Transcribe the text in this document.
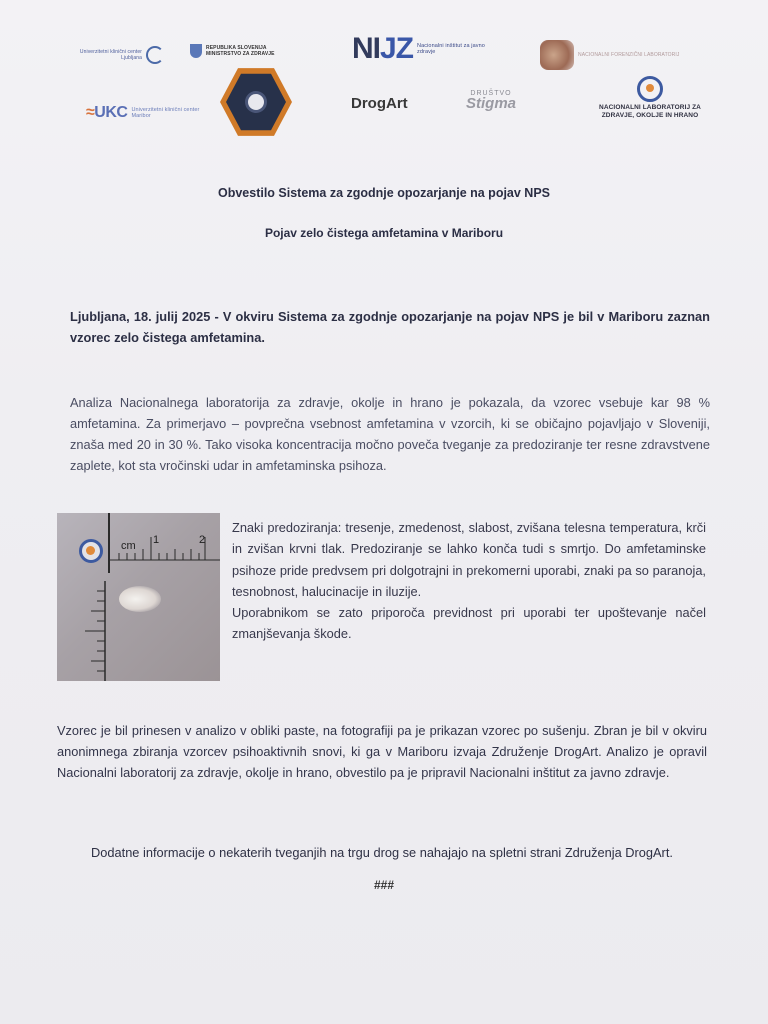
Univerzitetni klinični center Ljubljana
REPUBLIKA SLOVENIJA MINISTRSTVO ZA ZDRAVJE	NIJZ Nacionalni inštitut za javno zdravje
DrogArt
NACIONALNI FORENZIČNI LABORATORIJ
≈UKC Univerzitetni klinični center Maribor
DRUŠTVO
Stigma	NACIONALNI LABORATORIJ ZA ZDRAVJE, OKOLJE IN HRANO
Obvestilo Sistema za zgodnje opozarjanje na pojav NPS
Pojav zelo čistega amfetamina v Mariboru
Ljubljana, 18. julij 2025 - V okviru Sistema za zgodnje opozarjanje na pojav NPS je bil v Mariboru zaznan vzorec zelo čistega amfetamina.
Analiza Nacionalnega laboratorija za zdravje, okolje in hrano je pokazala, da vzorec vsebuje kar 98 % amfetamina. Za primerjavo – povprečna vsebnost amfetamina v vzorcih, ki se običajno pojavljajo v Sloveniji, znaša med 20 in 30 %. Tako visoka koncentracija močno poveča tveganje za predoziranje ter resne zdravstvene zaplete, kot sta vročinski udar in amfetaminska psihoza.
cm 1	2

Znaki predoziranja: tresenje, zmedenost, slabost, zvišana telesna temperatura, krči in zvišan krvni tlak. Predoziranje se lahko konča tudi s smrtjo. Do amfetaminske psihoze pride predvsem pri dolgotrajni in prekomerni uporabi, znaki pa so paranoja, tesnobnost, halucinacije in iluzije.

Uporabnikom se zato priporoča previdnost pri uporabi ter upoštevanje načel zmanjševanja škode.

Vzorec je bil prinesen v analizo v obliki paste, na fotografiji pa je prikazan vzorec po sušenju. Zbran je bil v okviru anonimnega zbiranja vzorcev psihoaktivnih snovi, ki ga v Mariboru izvaja Združenje DrogArt. Analizo je opravil Nacionalni laboratorij za zdravje, okolje in hrano, obvestilo pa je pripravil Nacionalni inštitut za javno zdravje.
Dodatne informacije o nekaterih tveganjih na trgu drog se nahajajo na spletni strani Združenja DrogArt.
###
